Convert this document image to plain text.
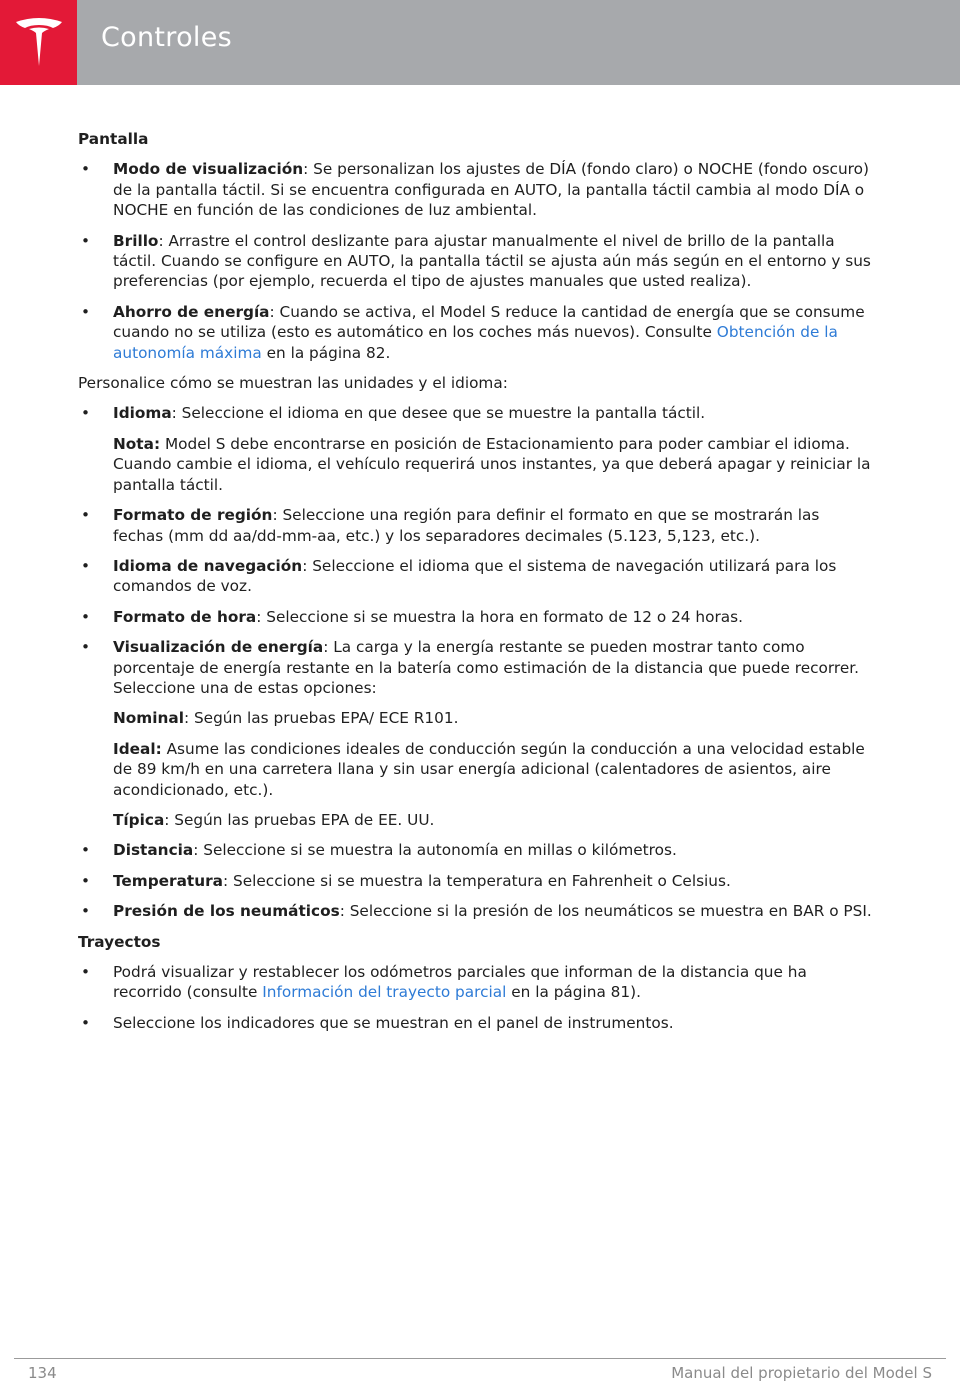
Controles
Pantalla
• Modo de visualización: Se personalizan los ajustes de DÍA (fondo claro) o NOCHE (fondo oscuro) de la pantalla táctil. Si se encuentra configurada en AUTO, la pantalla táctil cambia al modo DÍA o NOCHE en función de las condiciones de luz ambiental.
• Brillo: Arrastre el control deslizante para ajustar manualmente el nivel de brillo de la pantalla táctil. Cuando se configure en AUTO, la pantalla táctil se ajusta aún más según en el entorno y sus preferencias (por ejemplo, recuerda el tipo de ajustes manuales que usted realiza).
• Ahorro de energía: Cuando se activa, el Model S reduce la cantidad de energía que se consume cuando no se utiliza (esto es automático en los coches más nuevos). Consulte Obtención de la autonomía máxima en la página 82.
Personalice cómo se muestran las unidades y el idioma:
• Idioma: Seleccione el idioma en que desee que se muestre la pantalla táctil.
Nota: Model S debe encontrarse en posición de Estacionamiento para poder cambiar el idioma. Cuando cambie el idioma, el vehículo requerirá unos instantes, ya que deberá apagar y reiniciar la pantalla táctil.
• Formato de región: Seleccione una región para definir el formato en que se mostrarán las fechas (mm dd aa/dd-mm-aa, etc.) y los separadores decimales (5.123, 5,123, etc.).
• Idioma de navegación: Seleccione el idioma que el sistema de navegación utilizará para los comandos de voz.
• Formato de hora: Seleccione si se muestra la hora en formato de 12 o 24 horas.
• Visualización de energía: La carga y la energía restante se pueden mostrar tanto como porcentaje de energía restante en la batería como estimación de la distancia que puede recorrer. Seleccione una de estas opciones:
Nominal: Según las pruebas EPA/ ECE R101.
Ideal: Asume las condiciones ideales de conducción según la conducción a una velocidad estable de 89 km/h en una carretera llana y sin usar energía adicional (calentadores de asientos, aire acondicionado, etc.).
Típica: Según las pruebas EPA de EE. UU.
• Distancia: Seleccione si se muestra la autonomía en millas o kilómetros.
• Temperatura: Seleccione si se muestra la temperatura en Fahrenheit o Celsius.
• Presión de los neumáticos: Seleccione si la presión de los neumáticos se muestra en BAR o PSI.
Trayectos
• Podrá visualizar y restablecer los odómetros parciales que informan de la distancia que ha recorrido (consulte Información del trayecto parcial en la página 81).
• Seleccione los indicadores que se muestran en el panel de instrumentos.
134	Manual del propietario del Model S
